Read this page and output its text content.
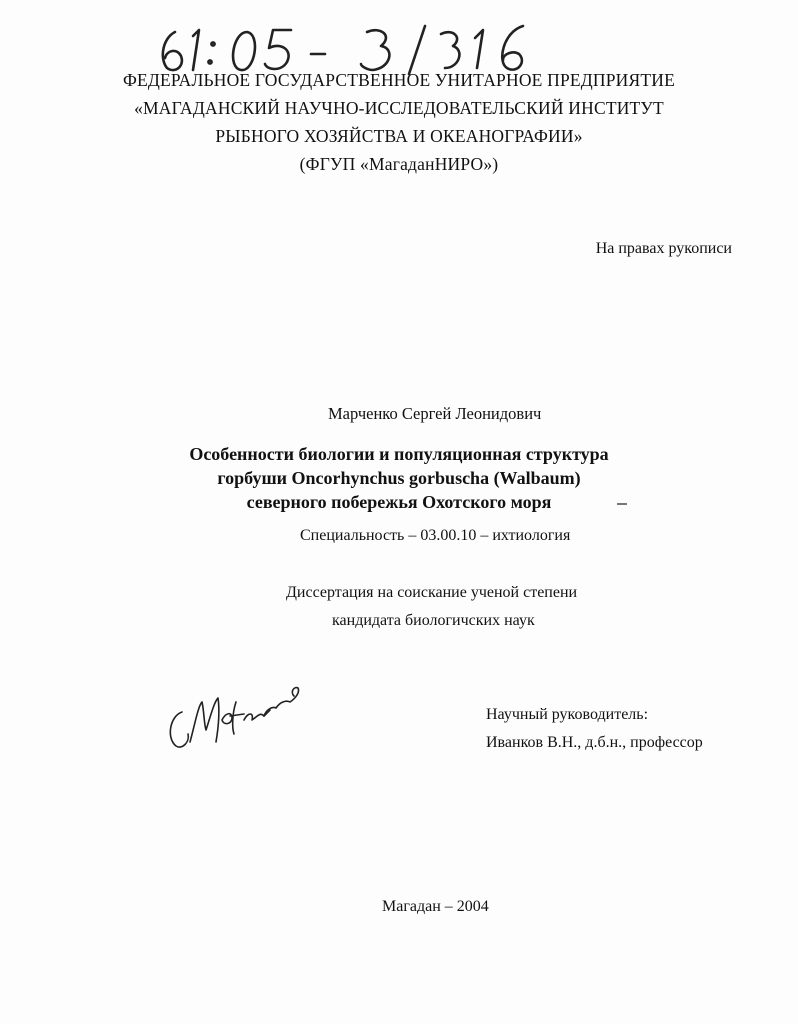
ФЕДЕРАЛЬНОЕ ГОСУДАРСТВЕННОЕ УНИТАРНОЕ ПРЕДПРИЯТИЕ
«МАГАДАНСКИЙ НАУЧНО-ИССЛЕДОВАТЕЛЬСКИЙ ИНСТИТУТ
РЫБНОГО ХОЗЯЙСТВА И ОКЕАНОГРАФИИ»
(ФГУП «МагаданНИРО»)
На правах рукописи
Марченко Сергей Леонидович
Особенности биологии и популяционная структура
горбуши Oncorhynchus gorbuscha (Walbaum)
северного побережья Охотского моря
Специальность – 03.00.10 – ихтиология
Диссертация на соискание ученой степени
кандидата биологичских наук
Научный руководитель:
Иванков В.Н., д.б.н., профессор
Магадан – 2004
